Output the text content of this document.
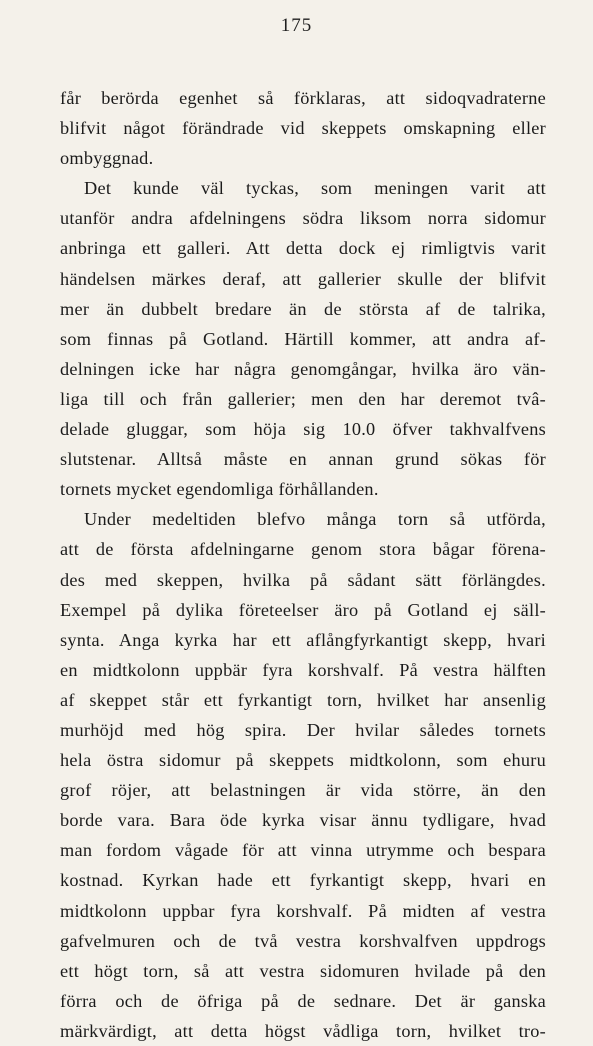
175
får berörda egenhet så förklaras, att sidoqvadraterne
blifvit något förändrade vid skeppets omskapning eller
ombyggnad.
Det kunde väl tyckas, som meningen varit att
utanför andra afdelningens södra liksom norra sidomur
anbringa ett galleri. Att detta dock ej rimligtvis varit
händelsen märkes deraf, att gallerier skulle der blifvit
mer än dubbelt bredare än de största af de talrika,
som finnas på Gotland. Härtill kommer, att andra af-
delningen icke har några genomgångar, hvilka äro vän-
liga till och från gallerier; men den har deremot tvâ-
delade gluggar, som höja sig 10.0 öfver takhvalfvens
slutstenar. Alltså måste en annan grund sökas för
tornets mycket egendomliga förhållanden.
Under medeltiden blefvo många torn så utförda,
att de första afdelningarne genom stora bågar förena-
des med skeppen, hvilka på sådant sätt förlängdes.
Exempel på dylika företeelser äro på Gotland ej säll-
synta. Anga kyrka har ett aflångfyrkantigt skepp, hvari
en midtkolonn uppbär fyra korshvalf. På vestra hälften
af skeppet står ett fyrkantigt torn, hvilket har ansenlig
murhöjd med hög spira. Der hvilar således tornets
hela östra sidomur på skeppets midtkolonn, som ehuru
grof röjer, att belastningen är vida större, än den
borde vara. Bara öde kyrka visar ännu tydligare, hvad
man fordom vågade för att vinna utrymme och bespara
kostnad. Kyrkan hade ett fyrkantigt skepp, hvari en
midtkolonn uppbar fyra korshvalf. På midten af vestra
gafvelmuren och de två vestra korshvalfven uppdrogs
ett högt torn, så att vestra sidomuren hvilade på den
förra och de öfriga på de sednare. Det är ganska
märkvärdigt, att detta högst vådliga torn, hvilket tro-
